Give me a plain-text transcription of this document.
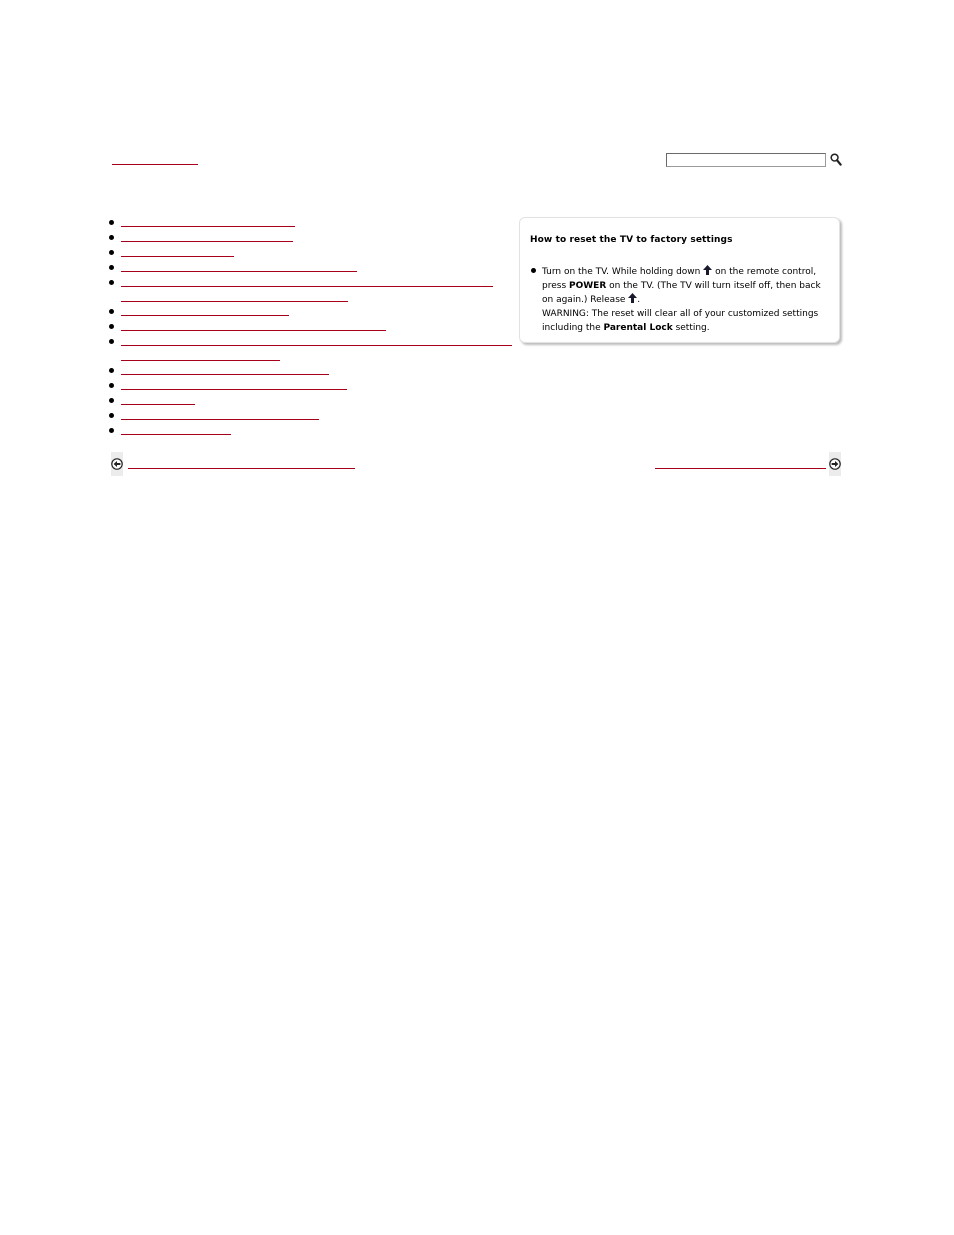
How to reset the TV to factory settings
Turn on the TV. While holding down  on the remote control,
press POWER on the TV. (The TV will turn itself off, then back
on again.) Release .
WARNING: The reset will clear all of your customized settings
including the Parental Lock setting.
